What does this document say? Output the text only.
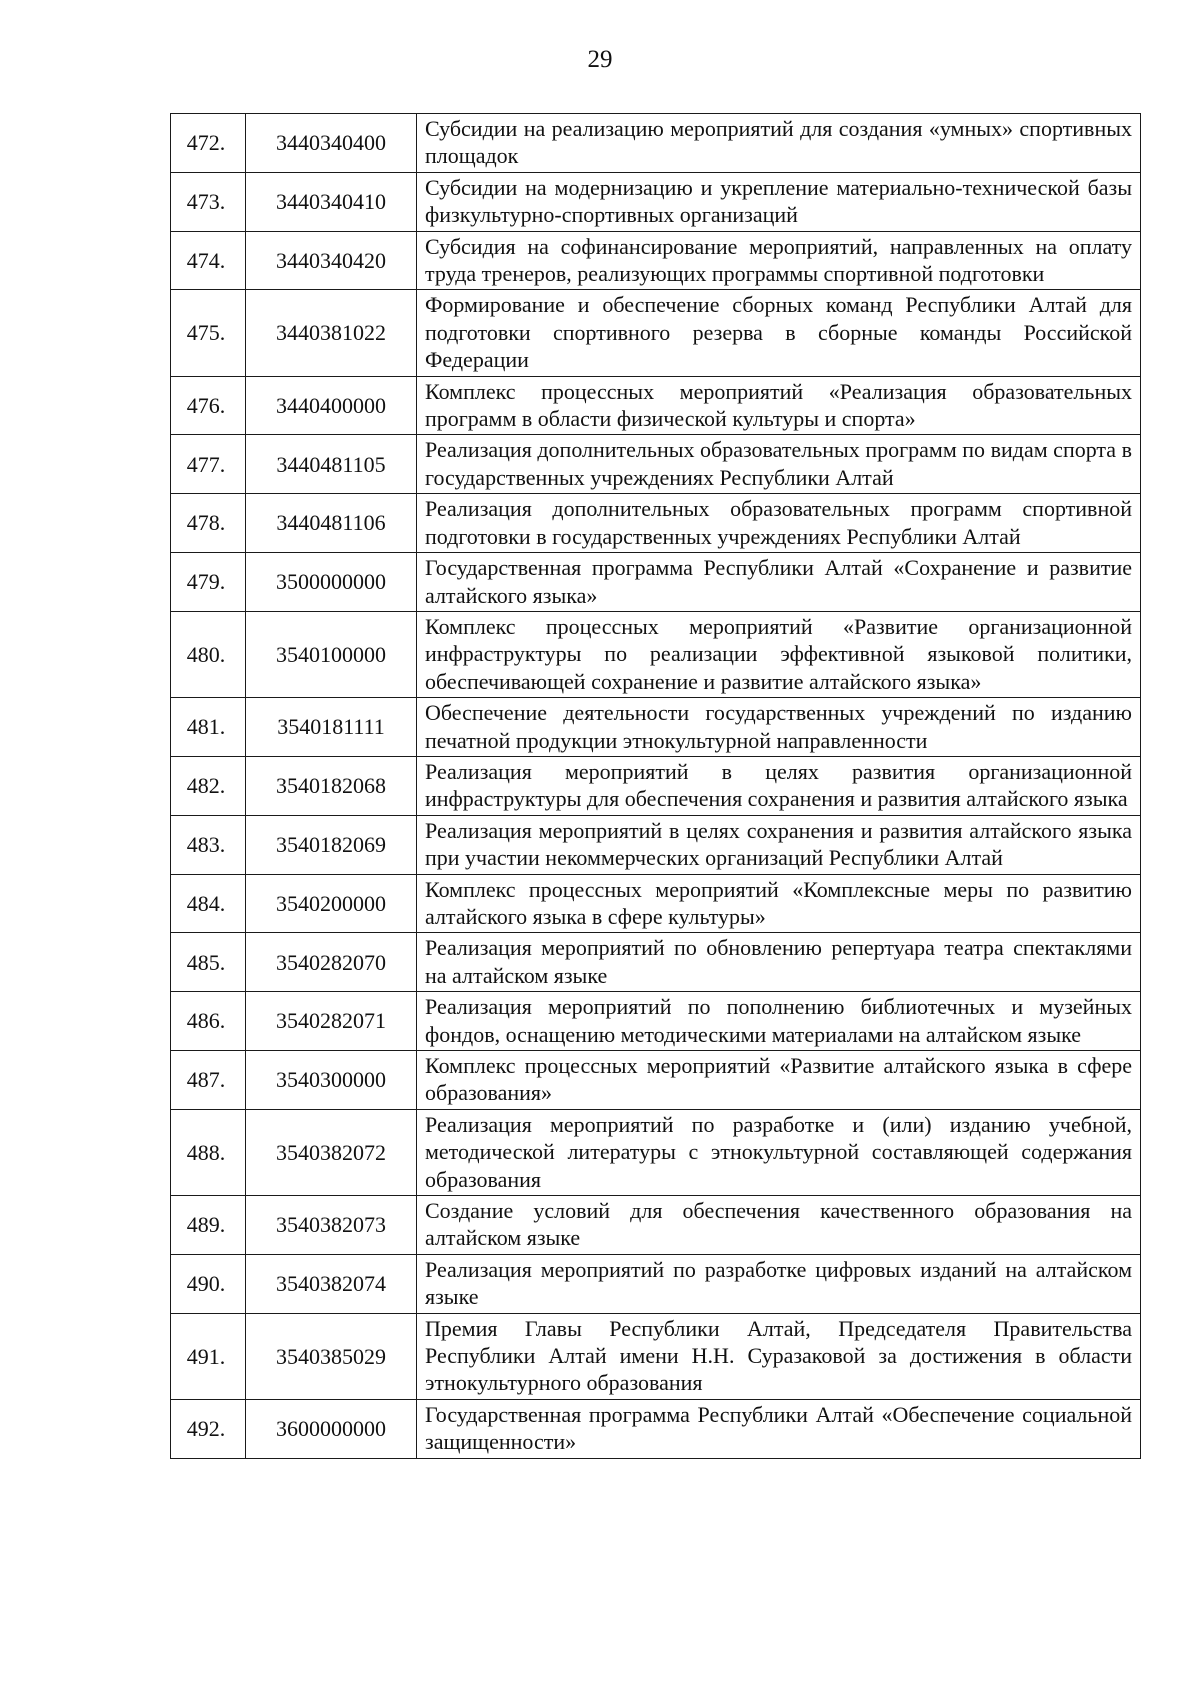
29
472.	3440340400	Субсидии на реализацию мероприятий для создания «умных» спортивных площадок
473.	3440340410	Субсидии на модернизацию и укрепление материально-технической базы физкультурно-спортивных организаций
474.	3440340420	Субсидия на софинансирование мероприятий, направленных на оплату труда тренеров, реализующих программы спортивной подготовки
475.	3440381022	Формирование и обеспечение сборных команд Республики Алтай для подготовки спортивного резерва в сборные команды Российской Федерации
476.	3440400000	Комплекс процессных мероприятий «Реализация образовательных программ в области физической культуры и спорта»
477.	3440481105	Реализация дополнительных образовательных программ по видам спорта в государственных учреждениях Республики Алтай
478.	3440481106	Реализация дополнительных образовательных программ спортивной подготовки в государственных учреждениях Республики Алтай
479.	3500000000	Государственная программа Республики Алтай «Сохранение и развитие алтайского языка»
480.	3540100000	Комплекс процессных мероприятий «Развитие организационной инфраструктуры по реализации эффективной языковой политики, обеспечивающей сохранение и развитие алтайского языка»
481.	3540181111	Обеспечение деятельности государственных учреждений по изданию печатной продукции этнокультурной направленности
482.	3540182068	Реализация мероприятий в целях развития организационной инфраструктуры для обеспечения сохранения и развития алтайского языка
483.	3540182069	Реализация мероприятий в целях сохранения и развития алтайского языка при участии некоммерческих организаций Республики Алтай
484.	3540200000	Комплекс процессных мероприятий «Комплексные меры по развитию алтайского языка в сфере культуры»
485.	3540282070	Реализация мероприятий по обновлению репертуара театра спектаклями на алтайском языке
486.	3540282071	Реализация мероприятий по пополнению библиотечных и музейных фондов, оснащению методическими материалами на алтайском языке
487.	3540300000	Комплекс процессных мероприятий «Развитие алтайского языка в сфере образования»
488.	3540382072	Реализация мероприятий по разработке и (или) изданию учебной, методической литературы с этнокультурной составляющей содержания образования
489.	3540382073	Создание условий для обеспечения качественного образования на алтайском языке
490.	3540382074	Реализация мероприятий по разработке цифровых изданий на алтайском языке
491.	3540385029	Премия Главы Республики Алтай, Председателя Правительства Республики Алтай имени Н.Н. Суразаковой за достижения в области этнокультурного образования
492.	3600000000	Государственная программа Республики Алтай «Обеспечение социальной защищенности»
